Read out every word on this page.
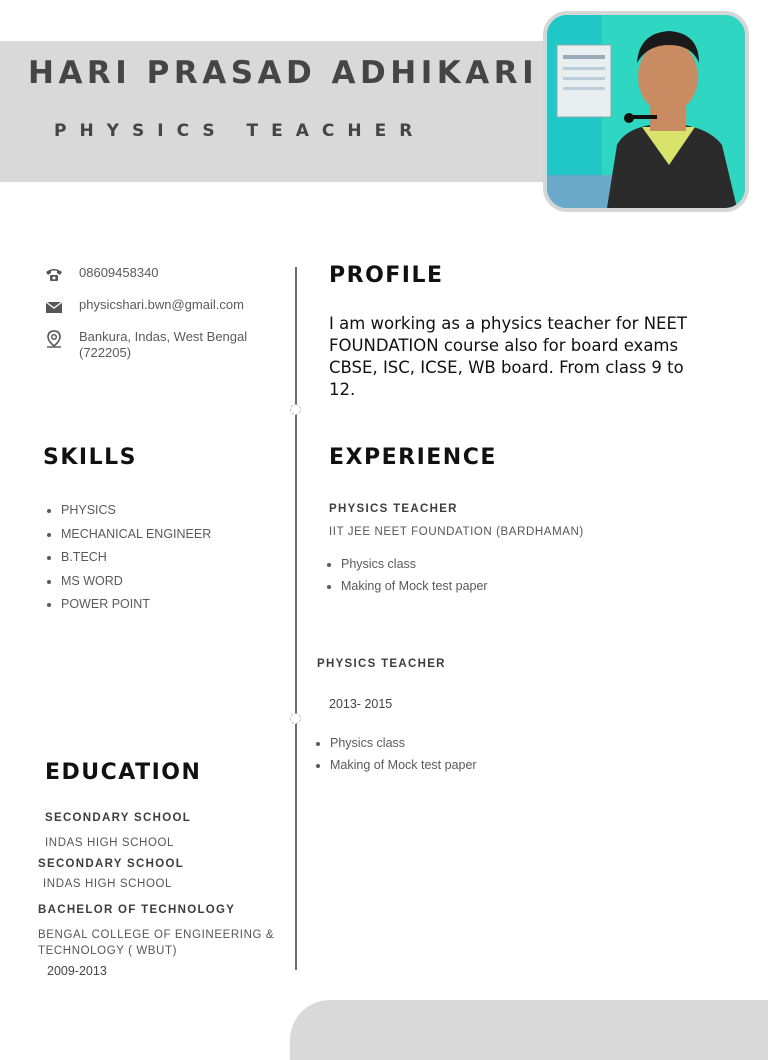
HARI PRASAD ADHIKARI

PHYSICS TEACHER

08609458340
physicshari.bwn@gmail.com
Bankura, Indas, West Bengal (722205)
PROFILE

I am working as a physics teacher for NEET FOUNDATION course also for board exams CBSE, ISC, ICSE, WB board. From class 9 to 12.

SKILLS
• PHYSICS
• MECHANICAL ENGINEER
• B.TECH
• MS WORD
• POWER POINT
EXPERIENCE

PHYSICS TEACHER

IIT JEE NEET FOUNDATION (BARDHAMAN)

• Physics class
• Making of Mock test paper

PHYSICS TEACHER

2013- 2015

• Physics class
• Making of Mock test paper
EDUCATION

SECONDARY SCHOOL

INDAS HIGH SCHOOL

SECONDARY SCHOOL

INDAS HIGH SCHOOL

BACHELOR OF TECHNOLOGY

BENGAL COLLEGE OF ENGINEERING & TECHNOLOGY ( WBUT)

2009-2013
